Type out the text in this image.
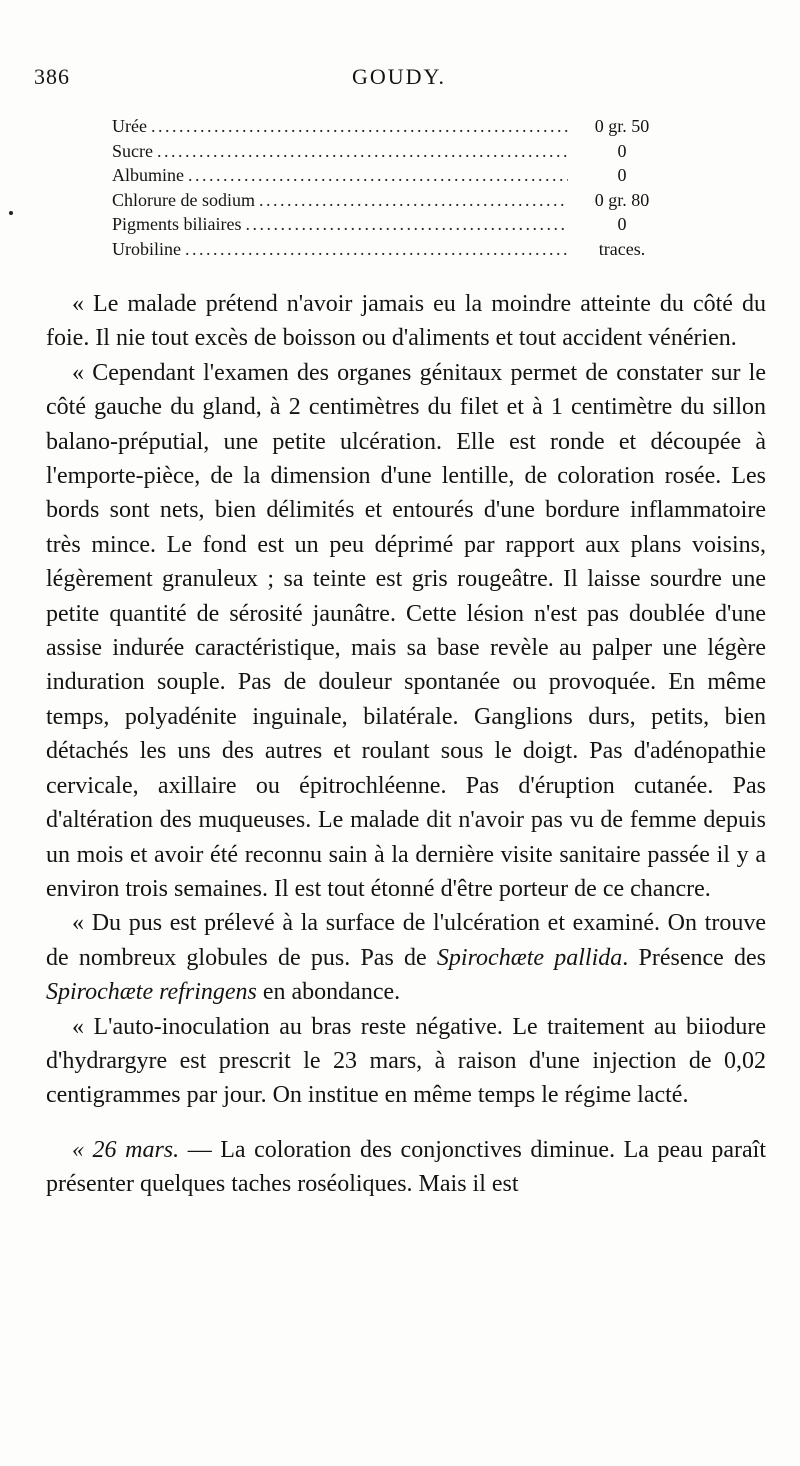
386	GOUDY.
Urée . . .	0 gr. 50
Sucre . . .	0
Albumine . . .	0
Chlorure de sodium . . .	0 gr. 80
Pigments biliaires . . .	0
Urobiline . . .	traces.

« Le malade prétend n'avoir jamais eu la moindre atteinte du côté du foie. Il nie tout excès de boisson ou d'aliments et tout accident vénérien.

« Cependant l'examen des organes génitaux permet de constater sur le côté gauche du gland, à 2 centimètres du filet et à 1 centimètre du sillon balano-préputial, une petite ulcération. Elle est ronde et découpée à l'emporte-pièce, de la dimension d'une lentille, de coloration rosée. Les bords sont nets, bien délimités et entourés d'une bordure inflammatoire très mince. Le fond est un peu déprimé par rapport aux plans voisins, légèrement granuleux ; sa teinte est gris rougeâtre. Il laisse sourdre une petite quantité de sérosité jaunâtre. Cette lésion n'est pas doublée d'une assise indurée caractéristique, mais sa base revèle au palper une légère induration souple. Pas de douleur spontanée ou provoquée. En même temps, polyadénite inguinale, bilatérale. Ganglions durs, petits, bien détachés les uns des autres et roulant sous le doigt. Pas d'adénopathie cervicale, axillaire ou épitrochléenne. Pas d'éruption cutanée. Pas d'altération des muqueuses. Le malade dit n'avoir pas vu de femme depuis un mois et avoir été reconnu sain à la dernière visite sanitaire passée il y a environ trois semaines. Il est tout étonné d'être porteur de ce chancre.

« Du pus est prélevé à la surface de l'ulcération et examiné. On trouve de nombreux globules de pus. Pas de Spirochæte pallida. Présence des Spirochæte refringens en abondance.

« L'auto-inoculation au bras reste négative. Le traitement au biiodure d'hydrargyre est prescrit le 23 mars, à raison d'une injection de 0,02 centigrammes par jour. On institue en même temps le régime lacté.

« 26 mars. — La coloration des conjonctives diminue. La peau paraît présenter quelques taches roséoliques. Mais il est
